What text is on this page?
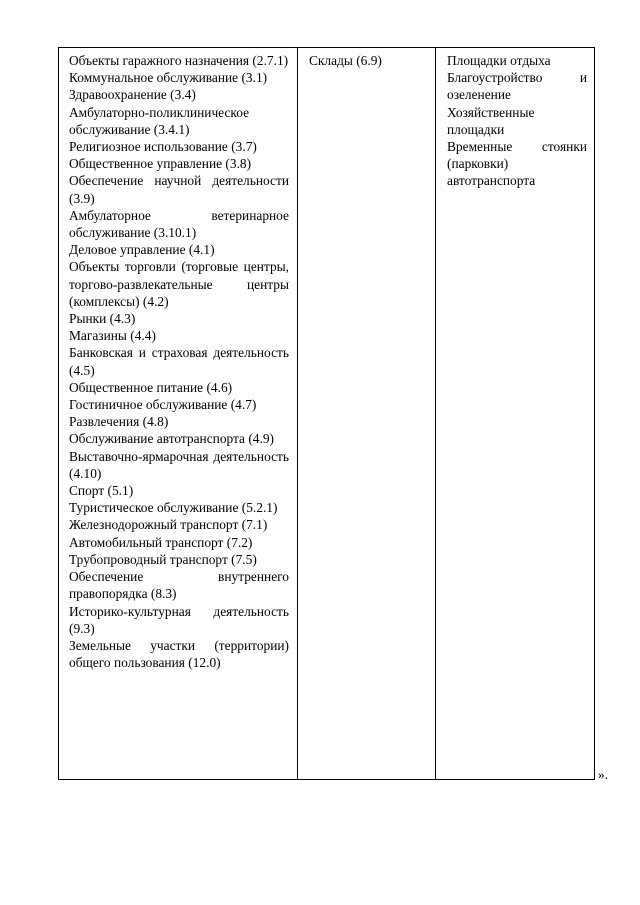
Объекты гаражного назначения (2.7.1)

Коммунальное обслуживание (3.1)

Здравоохранение (3.4)

Амбулаторно-поликлиническое обслуживание (3.4.1)

Религиозное использование (3.7)

Общественное управление (3.8)

Обеспечение научной деятельности (3.9)

Амбулаторное ветеринарное обслуживание (3.10.1)

Деловое управление (4.1)

Объекты торговли (торговые центры, торгово-развлекательные центры (комплексы) (4.2)

Рынки (4.3)

Магазины (4.4)

Банковская и страховая деятельность (4.5)

Общественное питание (4.6)

Гостиничное обслуживание (4.7)

Развлечения (4.8)

Обслуживание автотранспорта (4.9)

Выставочно-ярмарочная деятельность (4.10)

Спорт (5.1)

Туристическое обслуживание (5.2.1)

Железнодорожный транспорт (7.1)

Автомобильный транспорт (7.2)

Трубопроводный транспорт (7.5)

Обеспечение внутреннего правопорядка (8.3)

Историко-культурная деятельность (9.3)

Земельные участки (территории) общего пользования (12.0)

Склады (6.9)	Площадки отдыха

Благоустройство и озеленение

Хозяйственные площадки

Временные стоянки (парковки) автотранспорта

».
